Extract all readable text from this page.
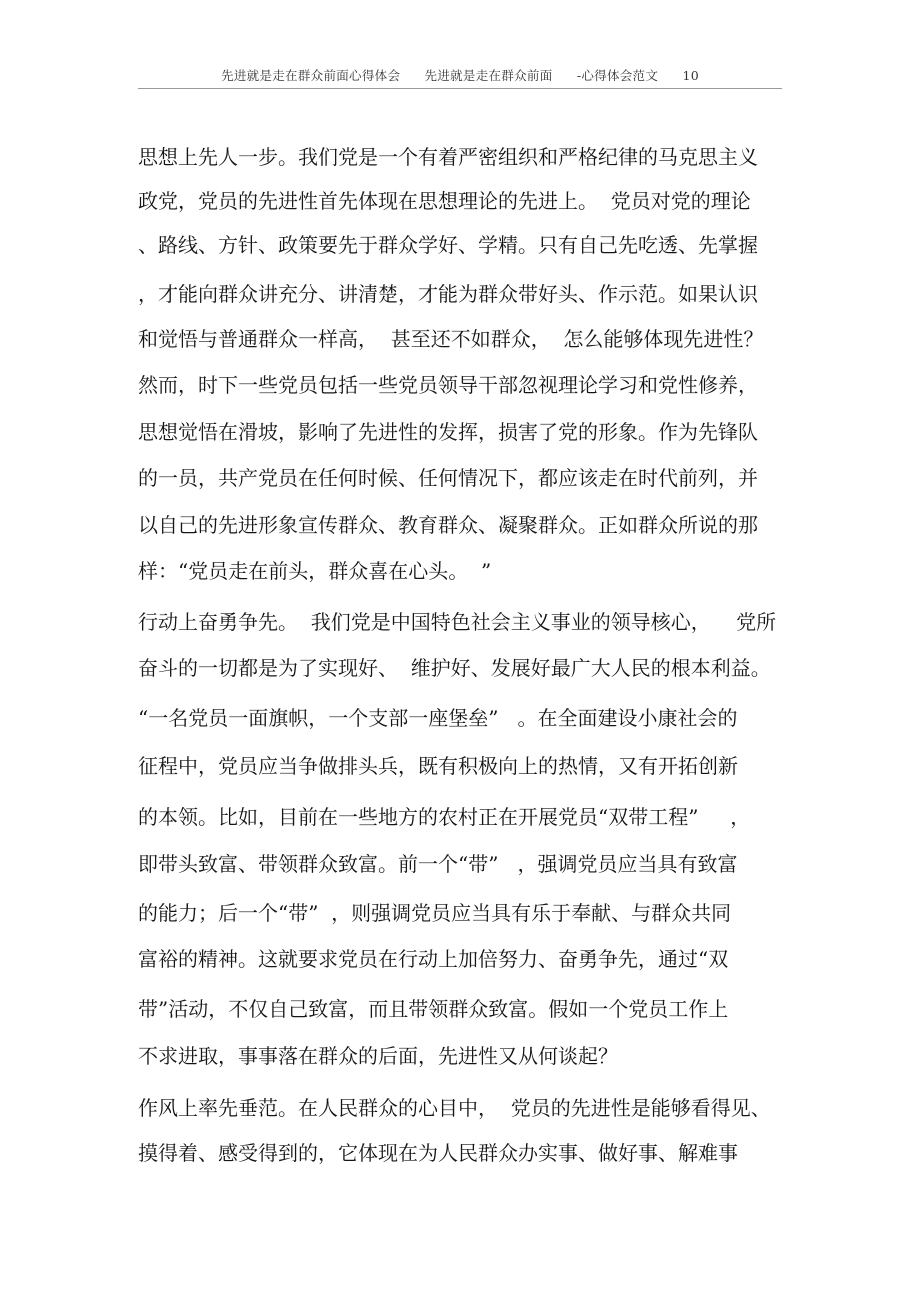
先进就是走在群众前面心得体会 先进就是走在群众前面 -心得体会范文 10
思想上先人一步。我们党是一个有着严密组织和严格纪律的马克思主义
政党，党员的先进性首先体现在思想理论的先进上。  党员对党的理论
、路线、方针、政策要先于群众学好、学精。只有自己先吃透、先掌握
，才能向群众讲充分、讲清楚，才能为群众带好头、作示范。如果认识
和觉悟与普通群众一样高，  甚至还不如群众，  怎么能够体现先进性？
然而，时下一些党员包括一些党员领导干部忽视理论学习和党性修养，
思想觉悟在滑坡，影响了先进性的发挥，损害了党的形象。作为先锋队
的一员，共产党员在任何时候、任何情况下，都应该走在时代前列，并
以自己的先进形象宣传群众、教育群众、凝聚群众。正如群众所说的那
样：“党员走在前头，群众喜在心头。  ”
行动上奋勇争先。  我们党是中国特色社会主义事业的领导核心，    党所
奋斗的一切都是为了实现好、  维护好、发展好最广大人民的根本利益。
“一名党员一面旗帜，一个支部一座堡垒”   。在全面建设小康社会的
征程中，党员应当争做排头兵，既有积极向上的热情，又有开拓创新
的本领。比如，目前在一些地方的农村正在开展党员“双带工程”     ，
即带头致富、带领群众致富。前一个“带”   ，强调党员应当具有致富
的能力；后一个“带”  ，则强调党员应当具有乐于奉献、与群众共同
富裕的精神。这就要求党员在行动上加倍努力、奋勇争先，通过“双
带”活动，不仅自己致富，而且带领群众致富。假如一个党员工作上
不求进取，事事落在群众的后面，先进性又从何谈起？
作风上率先垂范。在人民群众的心目中，  党员的先进性是能够看得见、
摸得着、感受得到的，它体现在为人民群众办实事、做好事、解难事
